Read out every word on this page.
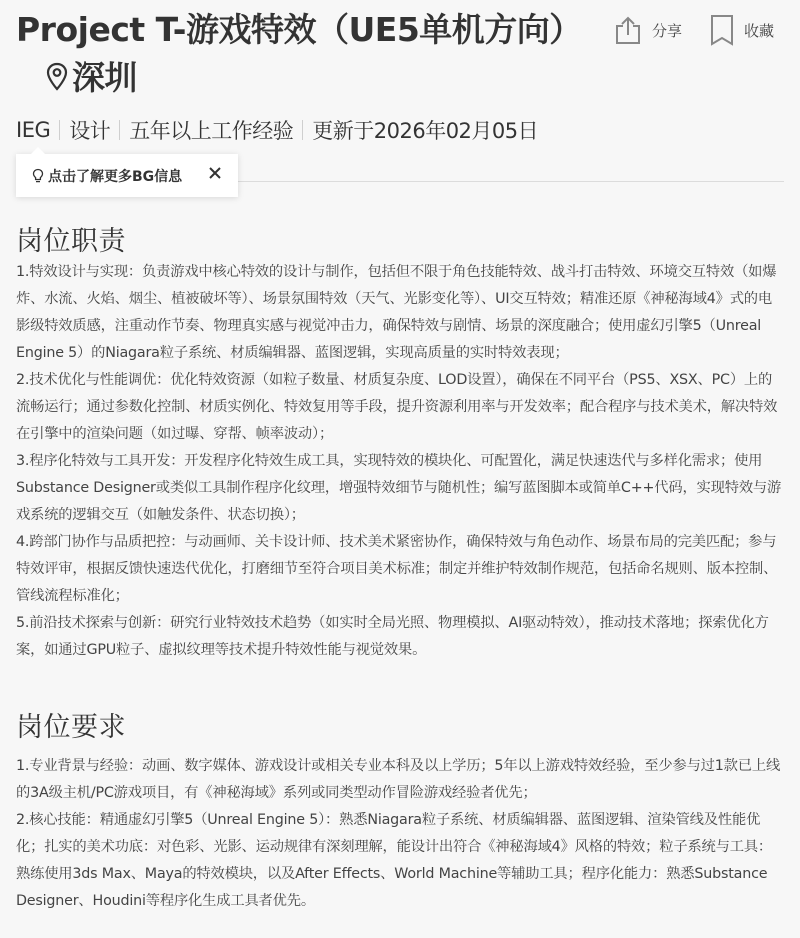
Project T-游戏特效（UE5单机方向）深圳
分享	收藏
IEG 设计 五年以上工作经验 更新于2026年02月05日
点击了解更多BG信息
岗位职责

1.特效设计与实现：负责游戏中核心特效的设计与制作，包括但不限于角色技能特效、战斗打击特效、环境交互特效（如爆炸、水流、火焰、烟尘、植被破坏等）、场景氛围特效（天气、光影变化等）、UI交互特效；精准还原《神秘海域4》式的电影级特效质感，注重动作节奏、物理真实感与视觉冲击力，确保特效与剧情、场景的深度融合；使用虚幻引擎5（Unreal Engine 5）的Niagara粒子系统、材质编辑器、蓝图逻辑，实现高质量的实时特效表现；

2.技术优化与性能调优：优化特效资源（如粒子数量、材质复杂度、LOD设置），确保在不同平台（PS5、XSX、PC）上的流畅运行；通过参数化控制、材质实例化、特效复用等手段，提升资源利用率与开发效率；配合程序与技术美术，解决特效在引擎中的渲染问题（如过曝、穿帮、帧率波动）；

3.程序化特效与工具开发：开发程序化特效生成工具，实现特效的模块化、可配置化，满足快速迭代与多样化需求；使用Substance Designer或类似工具制作程序化纹理，增强特效细节与随机性；编写蓝图脚本或简单C++代码，实现特效与游戏系统的逻辑交互（如触发条件、状态切换）；

4.跨部门协作与品质把控：与动画师、关卡设计师、技术美术紧密协作，确保特效与角色动作、场景布局的完美匹配；参与特效评审，根据反馈快速迭代优化，打磨细节至符合项目美术标准；制定并维护特效制作规范，包括命名规则、版本控制、管线流程标准化；

5.前沿技术探索与创新：研究行业特效技术趋势（如实时全局光照、物理模拟、AI驱动特效），推动技术落地；探索优化方案，如通过GPU粒子、虚拟纹理等技术提升特效性能与视觉效果。

岗位要求

1.专业背景与经验：动画、数字媒体、游戏设计或相关专业本科及以上学历；5年以上游戏特效经验，至少参与过1款已上线的3A级主机/PC游戏项目，有《神秘海域》系列或同类型动作冒险游戏经验者优先；

2.核心技能：精通虚幻引擎5（Unreal Engine 5）：熟悉Niagara粒子系统、材质编辑器、蓝图逻辑、渲染管线及性能优化；扎实的美术功底：对色彩、光影、运动规律有深刻理解，能设计出符合《神秘海域4》风格的特效；粒子系统与工具：熟练使用3ds Max、Maya的特效模块，以及After Effects、World Machine等辅助工具；程序化能力：熟悉Substance Designer、Houdini等程序化生成工具者优先。
